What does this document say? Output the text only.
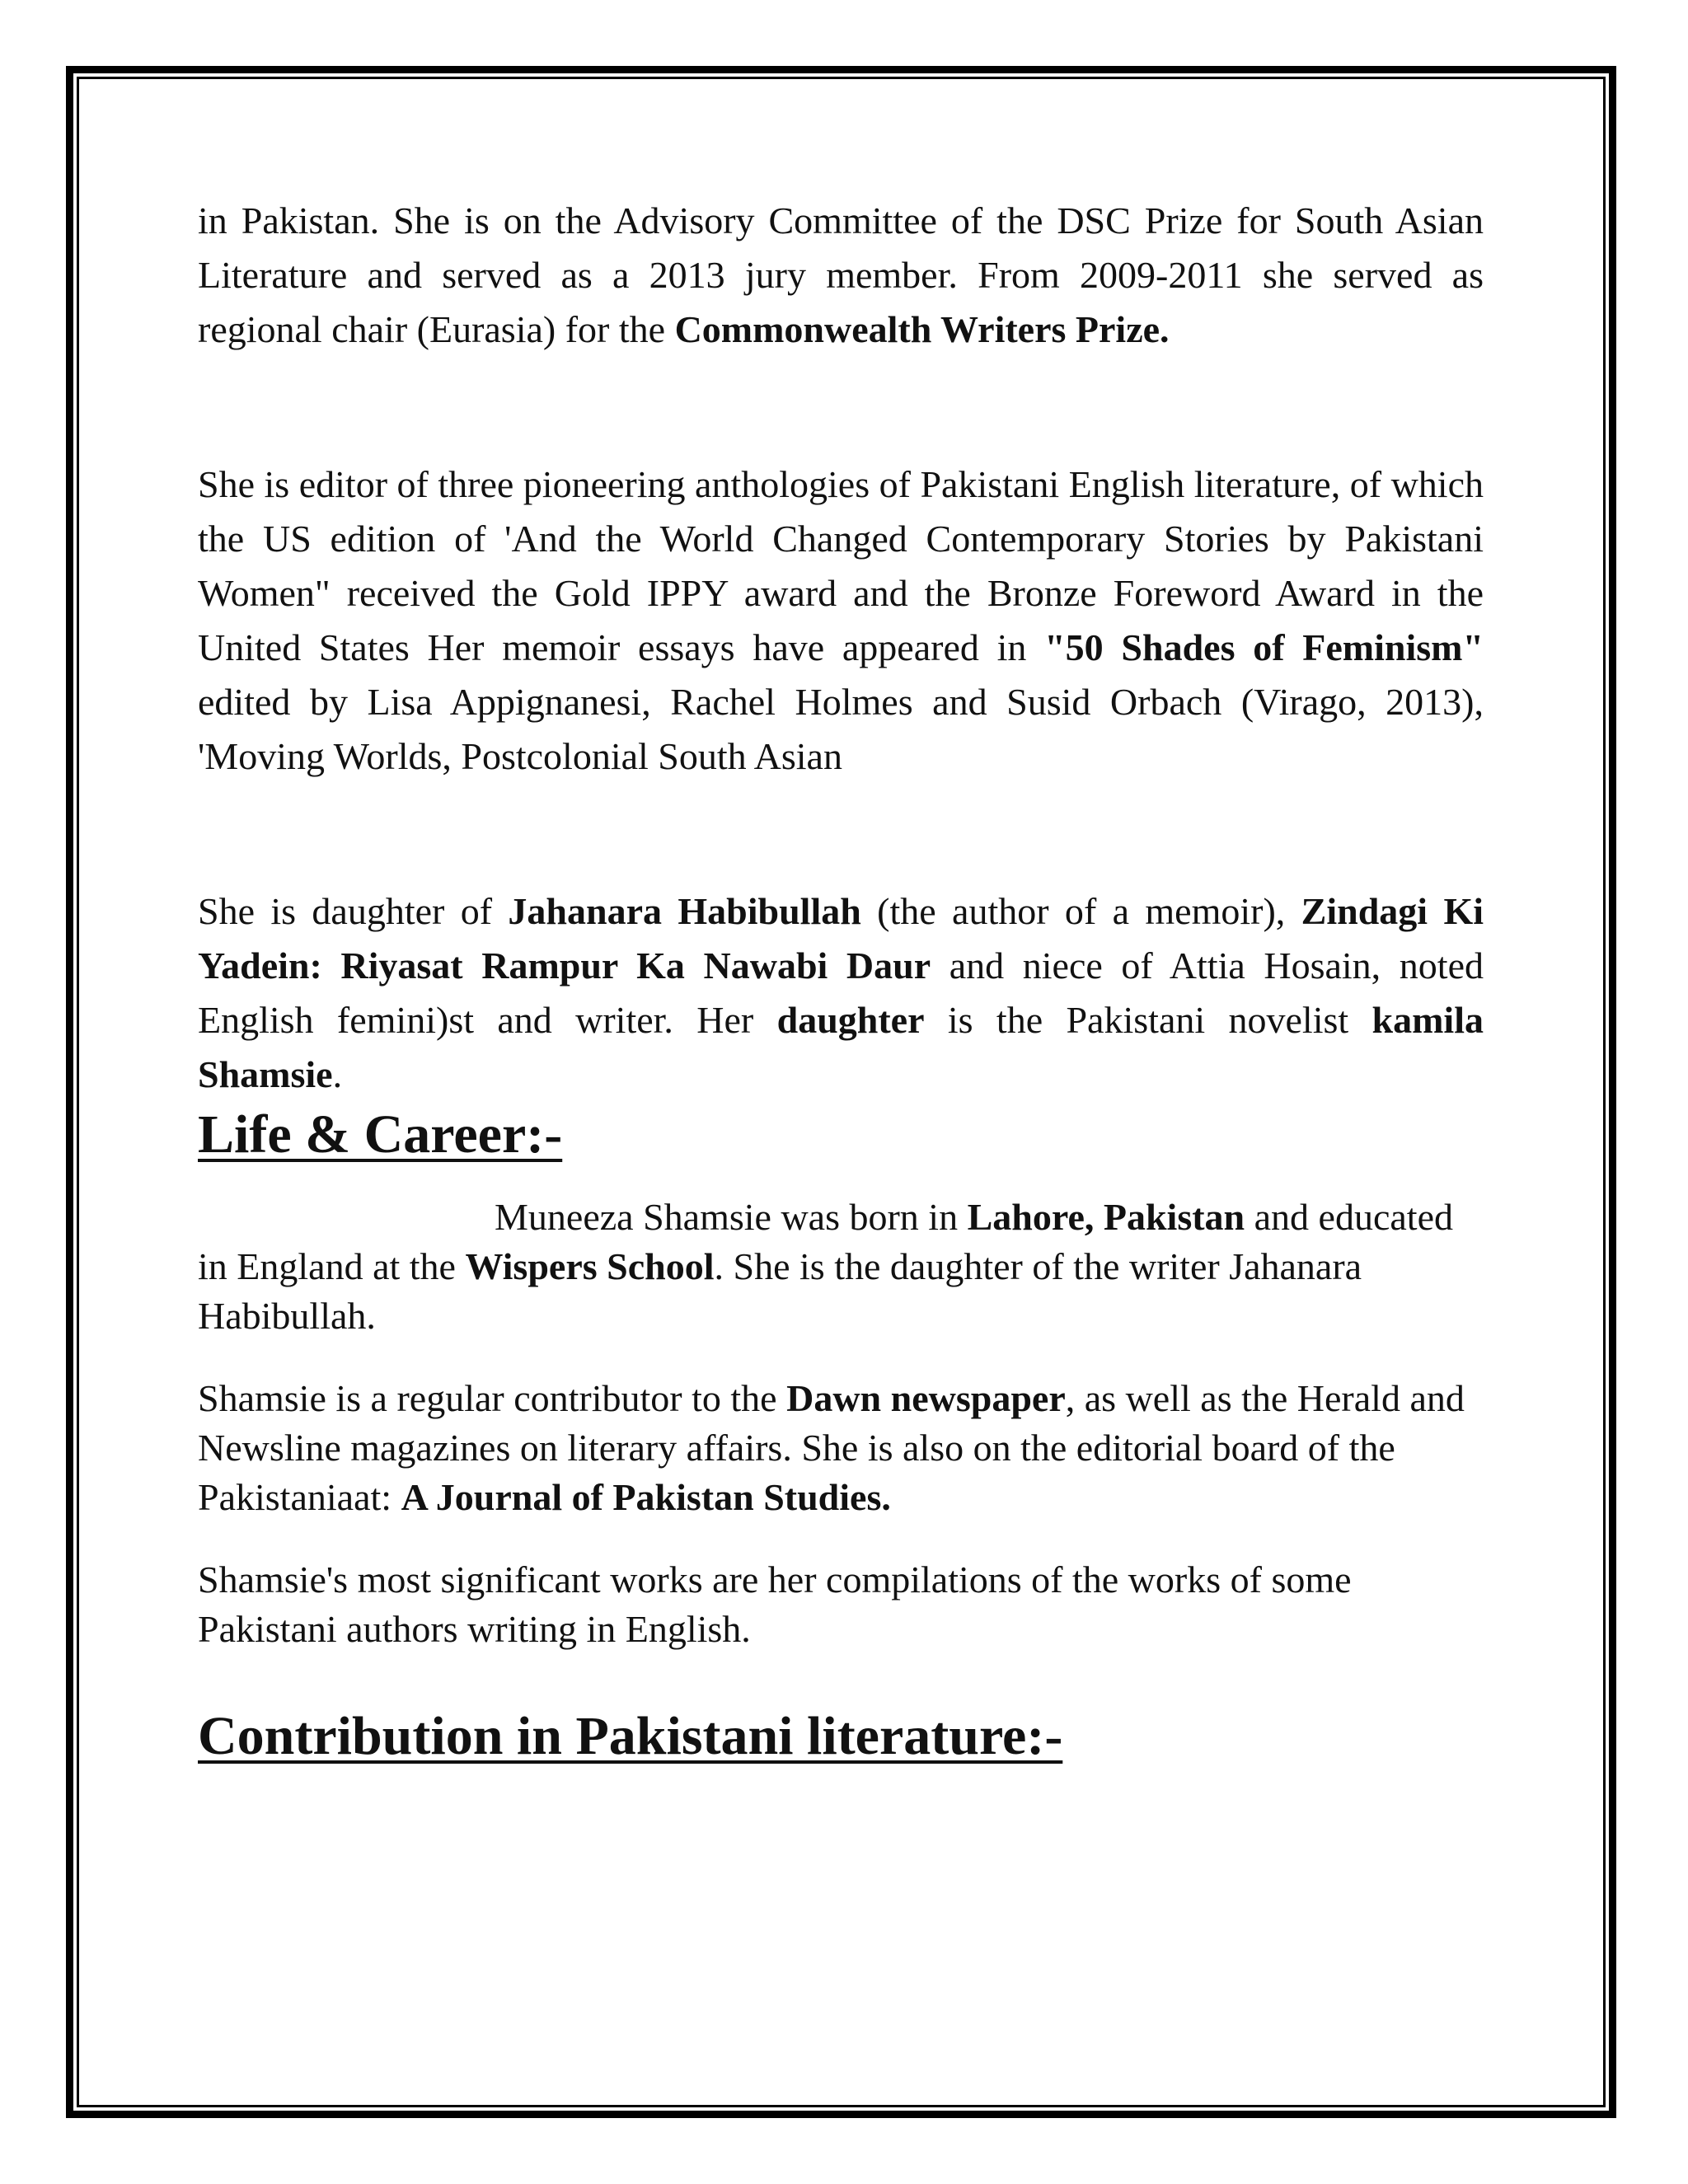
in Pakistan. She is on the Advisory Committee of the DSC Prize for South Asian Literature and served as a 2013 jury member. From 2009-2011 she served as regional chair (Eurasia) for the Commonwealth Writers Prize.

She is editor of three pioneering anthologies of Pakistani English literature, of which the US edition of 'And the World Changed Contemporary Stories by Pakistani Women" received the Gold IPPY award and the Bronze Foreword Award in the United States Her memoir essays have appeared in "50 Shades of Feminism" edited by Lisa Appignanesi, Rachel Holmes and Susid Orbach (Virago, 2013), 'Moving Worlds, Postcolonial South Asian

She is daughter of Jahanara Habibullah (the author of a memoir), Zindagi Ki Yadein: Riyasat Rampur Ka Nawabi Daur and niece of Attia Hosain, noted English femini)st and writer. Her daughter is the Pakistani novelist kamila Shamsie.

Life & Career:-

Muneeza Shamsie was born in Lahore, Pakistan and educated in England at the Wispers School. She is the daughter of the writer Jahanara Habibullah.

Shamsie is a regular contributor to the Dawn newspaper, as well as the Herald and Newsline magazines on literary affairs. She is also on the editorial board of the Pakistaniaat: A Journal of Pakistan Studies.

Shamsie's most significant works are her compilations of the works of some Pakistani authors writing in English.

Contribution in Pakistani literature:-
